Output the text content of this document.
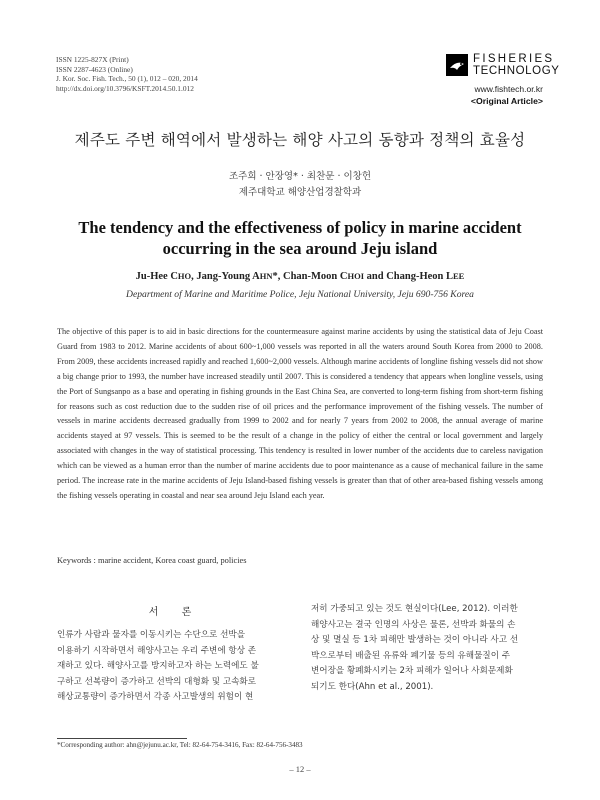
ISSN 1225-827X (Print)
ISSN 2287-4623 (Online)
J. Kor. Soc. Fish. Tech., 50 (1), 012 – 020, 2014
http://dx.doi.org/10.3796/KSFT.2014.50.1.012
FISHERIES
TECHNOLOGY
www.fishtech.or.kr
<Original Article>
제주도 주변 해역에서 발생하는 해양 사고의 동향과 정책의 효율성
조주희 · 안장영* · 최찬문 · 이창헌
제주대학교 해양산업경찰학과
The tendency and the effectiveness of policy in marine accident
occurring in the sea around Jeju island
Ju-Hee CHO, Jang-Young AHN*, Chan-Moon CHOI and Chang-Heon LEE
Department of Marine and Maritime Police, Jeju National University, Jeju 690-756 Korea

The objective of this paper is to aid in basic directions for the countermeasure against marine accidents by using the statistical data of Jeju Coast Guard from 1983 to 2012. Marine accidents of about 600~1,000 vessels was reported in all the waters around South Korea from 2000 to 2008. From 2009, these accidents increased rapidly and reached 1,600~2,000 vessels. Although marine accidents of longline fishing vessels did not show a big change prior to 1993, the number have increased steadily until 2007. This is considered a tendency that appears when longline vessels, using the Port of Sungsanpo as a base and operating in fishing grounds in the East China Sea, are converted to long-term fishing from short-term fishing for reasons such as cost reduction due to the sudden rise of oil prices and the performance improvement of the fishing vessels. The number of vessels in marine accidents decreased gradually from 1999 to 2002 and for nearly 7 years from 2002 to 2008, the annual average of marine accidents stayed at 97 vessels. This is seemed to be the result of a change in the policy of either the central or local government and largely associated with changes in the way of statistical processing. This tendency is resulted in lower number of the accidents due to careless navigation which can be viewed as a human error than the number of marine accidents due to poor maintenance as a cause of mechanical failure in the same period. The increase rate in the marine accidents of Jeju Island-based fishing vessels is greater than that of other area-based fishing vessels among the fishing vessels operating in coastal and near sea around Jeju Island each year.

Keywords : marine accident, Korea coast guard, policies
서 론
인류가 사람과 물자를 이동시키는 수단으로 선박을
이용하기 시작하면서 해양사고는 우리 주변에 항상 존
재하고 있다. 해양사고를 방지하고자 하는 노력에도 불
구하고 선복량이 증가하고 선박의 대형화 및 고속화로
해상교통량이 증가하면서 각종 사고발생의 위험이 현
저히 가중되고 있는 것도 현실이다(Lee, 2012). 이러한
해양사고는 결국 인명의 사상은 물론, 선박과 화물의 손
상 및 멸실 등 1차 피해만 발생하는 것이 아니라 사고 선
박으로부터 배출된 유류와 폐기물 등의 유해물질이 주
변어장을 황폐화시키는 2차 피해가 일어나 사회문제화
되기도 한다(Ahn et al., 2001).
*Corresponding author: ahn@jejunu.ac.kr, Tel: 82-64-754-3416, Fax: 82-64-756-3483
– 12 –
